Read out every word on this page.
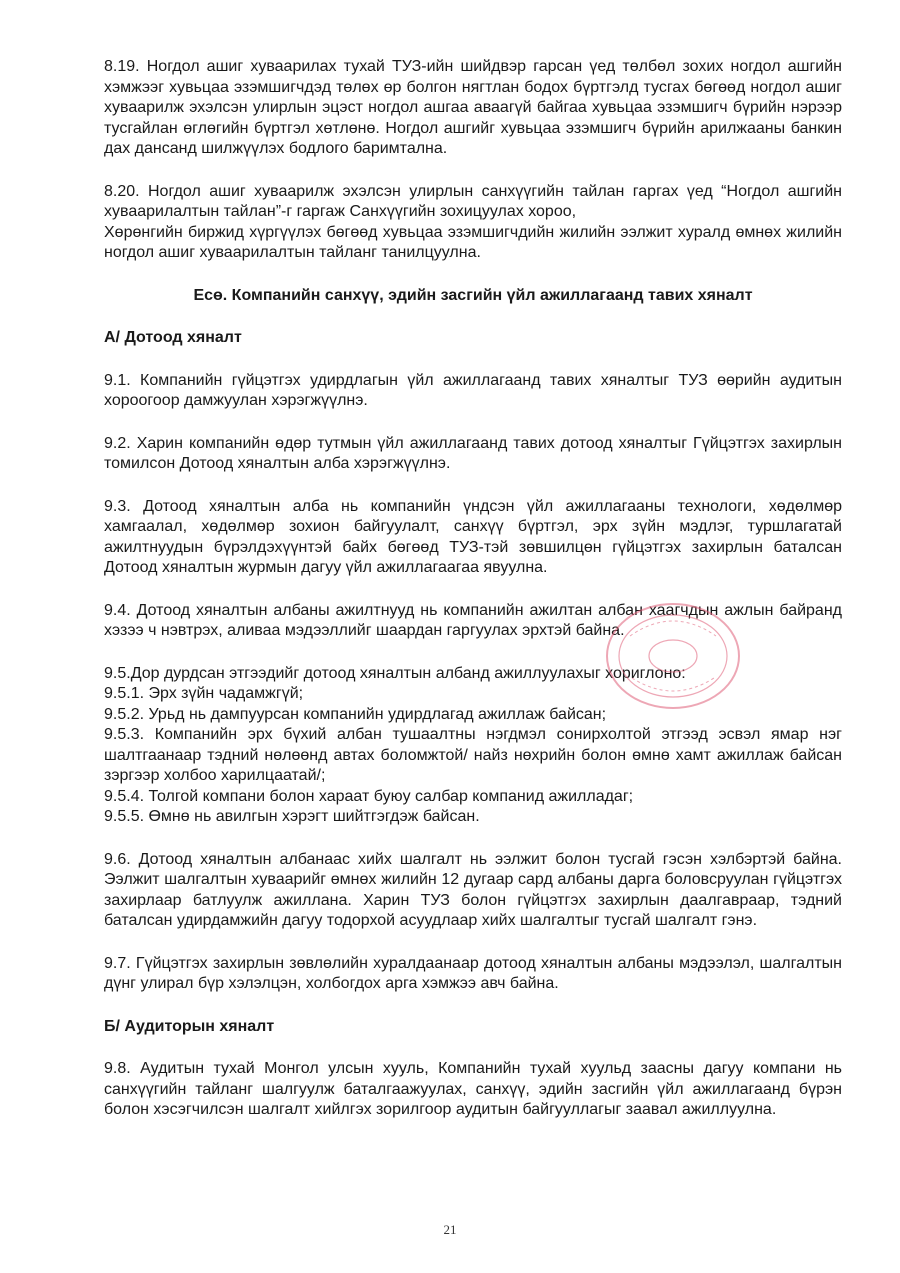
8.19. Ногдол ашиг хуваарилах тухай ТУЗ-ийн шийдвэр гарсан үед төлбөл зохих ногдол ашгийн хэмжээг хувьцаа эзэмшигчдэд төлөх өр болгон нягтлан бодох бүртгэлд тусгах бөгөөд ногдол ашиг хуваарилж эхэлсэн улирлын эцэст ногдол ашгаа аваагүй байгаа хувьцаа эзэмшигч бүрийн нэрээр тусгайлан өглөгийн бүртгэл хөтлөнө. Ногдол ашгийг хувьцаа эзэмшигч бүрийн арилжааны банкин дах дансанд шилжүүлэх бодлого баримтална.

8.20. Ногдол ашиг хуваарилж эхэлсэн улирлын санхүүгийн тайлан гаргах үед “Ногдол ашгийн хуваарилалтын тайлан”-г гаргаж Санхүүгийн зохицуулах хороо,
Хөрөнгийн биржид хүргүүлэх бөгөөд хувьцаа эзэмшигчдийн жилийн ээлжит хуралд өмнөх жилийн ногдол ашиг хуваарилалтын тайланг танилцуулна.

Есө. Компанийн санхүү, эдийн засгийн үйл ажиллагаанд тавих хяналт

А/ Дотоод хяналт

9.1. Компанийн гүйцэтгэх удирдлагын үйл ажиллагаанд тавих хяналтыг ТУЗ өөрийн аудитын хороогоор дамжуулан хэрэгжүүлнэ.

9.2. Харин компанийн өдөр тутмын үйл ажиллагаанд тавих дотоод хяналтыг Гүйцэтгэх захирлын томилсон Дотоод хяналтын алба хэрэгжүүлнэ.

9.3. Дотоод хяналтын алба нь компанийн үндсэн үйл ажиллагааны технологи, хөдөлмөр хамгаалал, хөдөлмөр зохион байгуулалт, санхүү бүртгэл, эрх зүйн мэдлэг, туршлагатай ажилтнуудын бүрэлдэхүүнтэй байх бөгөөд ТУЗ-тэй зөвшилцөн гүйцэтгэх захирлын баталсан Дотоод хяналтын журмын дагуу үйл ажиллагаагаа явуулна.

9.4. Дотоод хяналтын албаны ажилтнууд нь компанийн ажилтан албан хаагчдын ажлын байранд хэзээ ч нэвтрэх, аливаа мэдээллийг шаардан гаргуулах эрхтэй байна.

9.5.Дор дурдсан этгээдийг дотоод хяналтын албанд ажиллуулахыг хориглоно:

9.5.1. Эрх зүйн чадамжгүй;

9.5.2. Урьд нь дампуурсан компанийн удирдлагад ажиллаж байсан;

9.5.3. Компанийн эрх бүхий албан тушаалтны нэгдмэл сонирхолтой этгээд эсвэл ямар нэг шалтгаанаар тэдний нөлөөнд автах боломжтой/ найз нөхрийн болон өмнө хамт ажиллаж байсан зэргээр холбоо харилцаатай/;

9.5.4. Толгой компани болон хараат буюу салбар компанид ажилладаг;

9.5.5. Өмнө нь авилгын хэрэгт шийтгэгдэж байсан.

9.6. Дотоод хяналтын албанаас хийх шалгалт нь ээлжит болон тусгай гэсэн хэлбэртэй байна. Ээлжит шалгалтын хуваарийг өмнөх жилийн 12 дугаар сард албаны дарга боловсруулан гүйцэтгэх захирлаар батлуулж ажиллана. Харин ТУЗ болон гүйцэтгэх захирлын даалгавраар, тэдний баталсан удирдамжийн дагуу тодорхой асуудлаар хийх шалгалтыг тусгай шалгалт гэнэ.

9.7. Гүйцэтгэх захирлын зөвлөлийн хуралдаанаар дотоод хяналтын албаны мэдээлэл, шалгалтын дүнг улирал бүр хэлэлцэн, холбогдох арга хэмжээ авч байна.

Б/ Аудиторын хяналт

9.8. Аудитын тухай Монгол улсын хууль, Компанийн тухай хуульд заасны дагуу компани нь санхүүгийн тайланг шалгуулж баталгаажуулах, санхүү, эдийн засгийн үйл ажиллагаанд бүрэн болон хэсэгчилсэн шалгалт хийлгэх зорилгоор аудитын байгууллагыг заавал ажиллуулна.

21
